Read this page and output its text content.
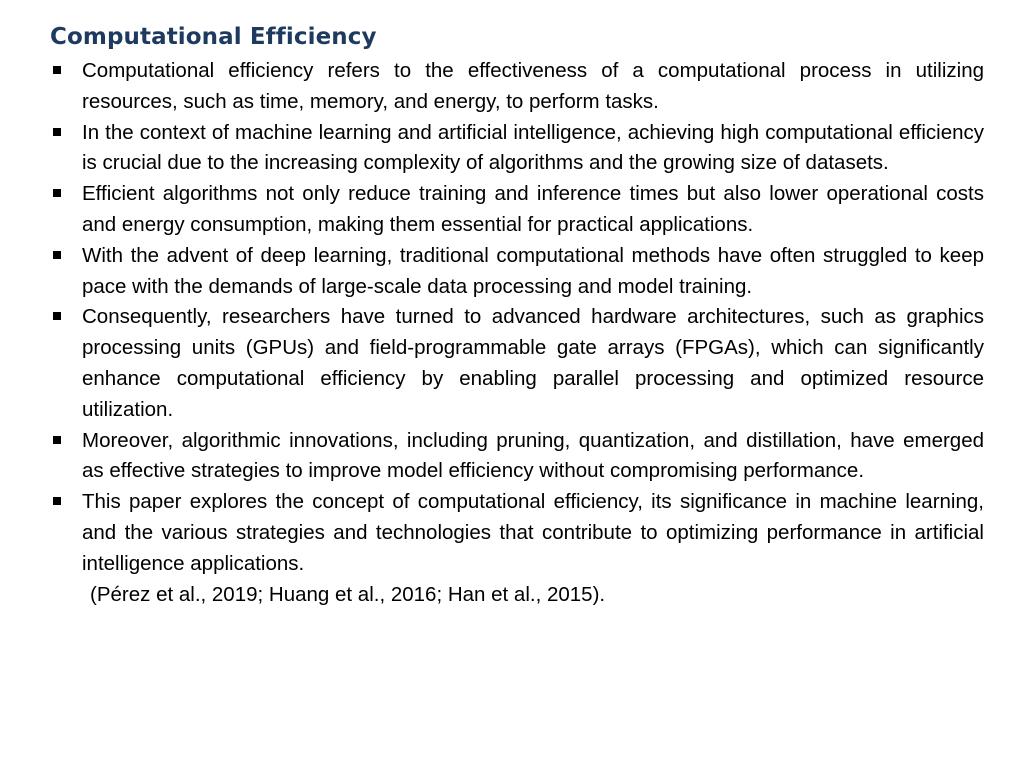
Computational Efficiency
Computational efficiency refers to the effectiveness of a computational process in utilizing resources, such as time, memory, and energy, to perform tasks.
In the context of machine learning and artificial intelligence, achieving high computational efficiency is crucial due to the increasing complexity of algorithms and the growing size of datasets.
Efficient algorithms not only reduce training and inference times but also lower operational costs and energy consumption, making them essential for practical applications.
With the advent of deep learning, traditional computational methods have often struggled to keep pace with the demands of large-scale data processing and model training.
Consequently, researchers have turned to advanced hardware architectures, such as graphics processing units (GPUs) and field-programmable gate arrays (FPGAs), which can significantly enhance computational efficiency by enabling parallel processing and optimized resource utilization.
Moreover, algorithmic innovations, including pruning, quantization, and distillation, have emerged as effective strategies to improve model efficiency without compromising performance.
This paper explores the concept of computational efficiency, its significance in machine learning, and the various strategies and technologies that contribute to optimizing performance in artificial intelligence applications.

(Pérez et al., 2019; Huang et al., 2016; Han et al., 2015).
